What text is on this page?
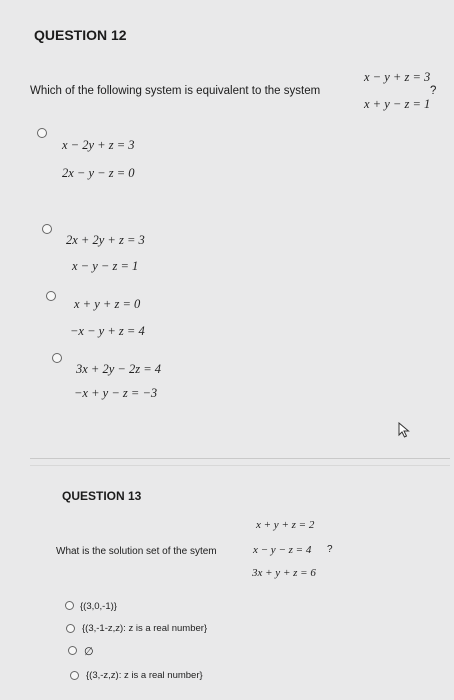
QUESTION 12
Which of the following system is equivalent to the system
x − y + z = 3
x + y − z = 1
?
x − 2y + z = 3
2x − y − z = 0
2x + 2y + z = 3
x − y − z = 1
x + y + z = 0
−x − y + z = 4
3x + 2y − 2z = 4
−x + y − z = −3
QUESTION 13
What is the solution set of the sytem
x + y + z = 2
x − y − z = 4
3x + y + z = 6
?
{(3,0,-1)}
{(3,-1-z,z): z is a real number}
∅
{(3,-z,z): z is a real number}
